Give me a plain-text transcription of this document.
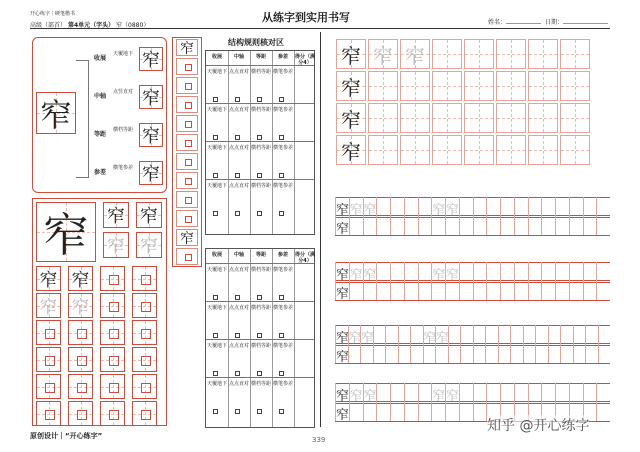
开心练字｜硬笔楷书
高级（部首） 第4单元（字头） 窄（0880）
从练字到实用书写	姓名：	日期：
窄
收展
天覆地下 窄
中轴
点竖直对 窄
等距
横档等距 窄
参差
横笔参差 窄
窄	窄 窄
窄 窄
窄 窄
窄 窄
结构规则核对区
收展	中轴	等距	参差	得分（满分4）
天覆地下 点点直对 横档等距 横笔参差
天覆地下 点点直对 横档等距 横笔参差
天覆地下 点点直对 横档等距 横笔参差
天覆地下 点点直对 横档等距 横笔参差
收展	中轴	等距	参差	得分（满分4）
天覆地下 点点直对 横档等距 横笔参差
天覆地下 点点直对 横档等距 横笔参差
天覆地下 点点直对 横档等距 横笔参差
天覆地下 点点直对 横档等距 横笔参差
窄 窄 窄
窄
窄
窄
窄 窄 窄	窄 窄
窄
窄 窄 窄	窄 窄
窄
窄 窄 窄	窄 窄
窄
窄 窄 窄	窄 窄
窄
原创设计｜“开心练字”	339
知乎 @开心练字
窄
窄
